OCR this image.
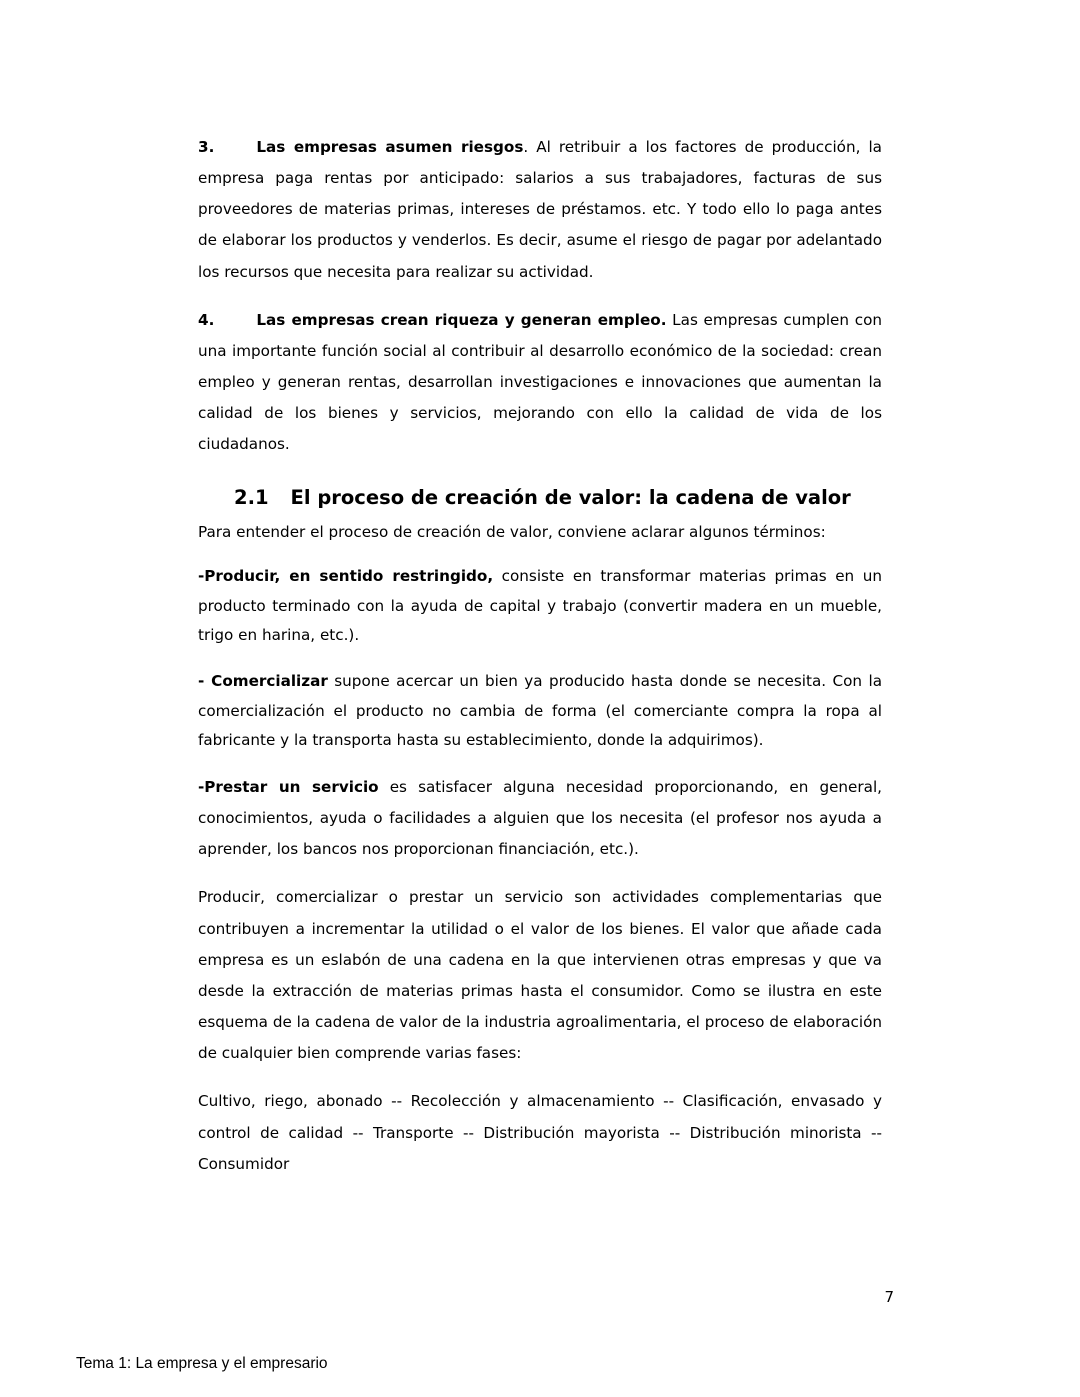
3.	Las empresas asumen riesgos. Al retribuir a los factores de producción, la empresa paga rentas por anticipado: salarios a sus trabajadores, facturas de sus proveedores de materias primas, intereses de préstamos. etc. Y todo ello lo paga antes de elaborar los productos y venderlos. Es decir, asume el riesgo de pagar por adelantado los recursos que necesita para realizar su actividad.

4.	Las empresas crean riqueza y generan empleo. Las empresas cumplen con una importante función social al contribuir al desarrollo económico de la sociedad: crean empleo y generan rentas, desarrollan investigaciones e innovaciones que aumentan la calidad de los bienes y servicios, mejorando con ello la calidad de vida de los ciudadanos.

2.1 El proceso de creación de valor: la cadena de valor

Para entender el proceso de creación de valor, conviene aclarar algunos términos:

-Producir, en sentido restringido, consiste en transformar materias primas en un producto terminado con la ayuda de capital y trabajo (convertir madera en un mueble, trigo en harina, etc.).

- Comercializar supone acercar un bien ya producido hasta donde se necesita. Con la comercialización el producto no cambia de forma (el comerciante compra la ropa al fabricante y la transporta hasta su establecimiento, donde la adquirimos).

-Prestar un servicio es satisfacer alguna necesidad proporcionando, en general, conocimientos, ayuda o facilidades a alguien que los necesita (el profesor nos ayuda a aprender, los bancos nos proporcionan financiación, etc.).

Producir, comercializar o prestar un servicio son actividades complementarias que contribuyen a incrementar la utilidad o el valor de los bienes. El valor que añade cada empresa es un eslabón de una cadena en la que intervienen otras empresas y que va desde la extracción de materias primas hasta el consumidor. Como se ilustra en este esquema de la cadena de valor de la industria agroalimentaria, el proceso de elaboración de cualquier bien comprende varias fases:

Cultivo, riego, abonado -- Recolección y almacenamiento -- Clasificación, envasado y control de calidad -- Transporte -- Distribución mayorista -- Distribución minorista -- Consumidor

7
Tema 1: La empresa y el empresario
